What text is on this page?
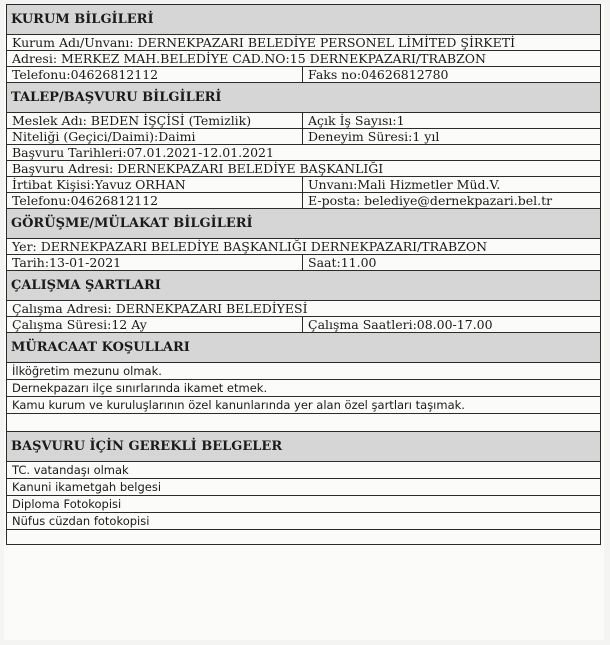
KURUM BİLGİLERİ	
Kurum Adı/Unvanı: DERNEKPAZARI BELEDİYE PERSONEL LİMİTED ŞİRKETİ	
Adresi: MERKEZ MAH.BELEDİYE CAD.NO:15 DERNEKPAZARI/TRABZON	
Telefonu:04626812112	Faks no:04626812780
TALEP/BAŞVURU BİLGİLERİ	
Meslek Adı: BEDEN İŞÇİSİ (Temizlik)	Açık İş Sayısı:1
Niteliği (Geçici/Daimi):Daimi	Deneyim Süresi:1 yıl
Başvuru Tarihleri:07.01.2021-12.01.2021	
Başvuru Adresi: DERNEKPAZARI BELEDİYE BAŞKANLIĞI	
İrtibat Kişisi:Yavuz ORHAN	Unvanı:Mali Hizmetler Müd.V.
Telefonu:04626812112	E-posta: belediye@dernekpazari.bel.tr
GÖRÜŞME/MÜLAKAT BİLGİLERİ	
Yer: DERNEKPAZARI BELEDİYE BAŞKANLIĞI DERNEKPAZARI/TRABZON	
Tarih:13-01-2021	Saat:11.00
ÇALIŞMA ŞARTLARI	
Çalışma Adresi: DERNEKPAZARI BELEDİYESİ	
Çalışma Süresi:12 Ay	Çalışma Saatleri:08.00-17.00
MÜRACAAT KOŞULLARI	
İlköğretim mezunu olmak.	
Dernekpazarı ilçe sınırlarında ikamet etmek.	
Kamu kurum ve kuruluşlarının özel kanunlarında yer alan özel şartları taşımak.	

BAŞVURU İÇİN GEREKLİ BELGELER	
TC. vatandaşı olmak	
Kanuni ikametgah belgesi	
Diploma Fotokopisi	
Nüfus cüzdan fotokopisi	
